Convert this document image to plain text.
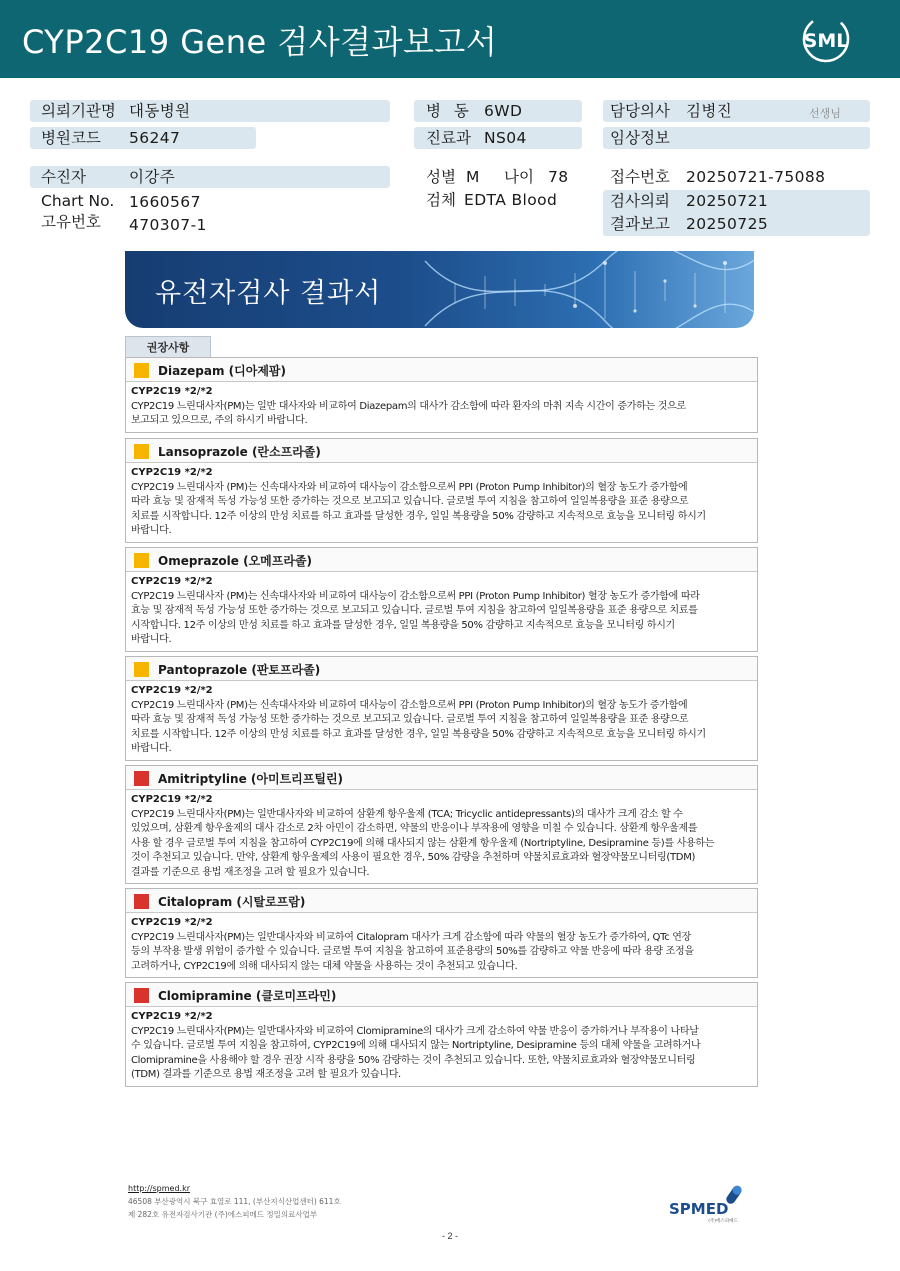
CYP2C19 Gene 검사결과보고서	SML
의뢰기관명 대동병원
병원코드 56247
병 동 6WD
진료과 NS04
담당의사 김병진	선생님
임상정보
수진자	이강주
Chart No. 1660567
고유번호 470307-1
성별 M 나이 78
검체 EDTA Blood
접수번호 20250721-75088
검사의뢰 20250721
결과보고 20250725
유전자검사 결과서
권장사항
Diazepam (디아제팜)
CYP2C19 *2/*2
CYP2C19 느린대사자(PM)는 일반 대사자와 비교하여 Diazepam의 대사가 감소함에 따라 환자의 마취 지속 시간이 증가하는 것으로
보고되고 있으므로, 주의 하시기 바랍니다.
Lansoprazole (란소프라졸)
CYP2C19 *2/*2
CYP2C19 느린대사자 (PM)는 신속대사자와 비교하여 대사능이 감소함으로써 PPI (Proton Pump Inhibitor)의 혈장 농도가 증가함에
따라 효능 및 잠재적 독성 가능성 또한 증가하는 것으로 보고되고 있습니다. 글로벌 투여 지침을 참고하여 일일복용량을 표준 용량으로
치료를 시작합니다. 12주 이상의 만성 치료를 하고 효과를 달성한 경우, 일일 복용량을 50% 감량하고 지속적으로 효능을 모니터링 하시기
바랍니다.
Omeprazole (오메프라졸)
CYP2C19 *2/*2
CYP2C19 느린대사자 (PM)는 신속대사자와 비교하여 대사능이 감소함으로써 PPI (Proton Pump Inhibitor) 혈장 농도가 증가함에 따라
효능 및 잠재적 독성 가능성 또한 증가하는 것으로 보고되고 있습니다. 글로벌 투여 지침을 참고하여 일일복용량을 표준 용량으로 치료를
시작합니다. 12주 이상의 만성 치료를 하고 효과를 달성한 경우, 일일 복용량을 50% 감량하고 지속적으로 효능을 모니터링 하시기
바랍니다.
Pantoprazole (판토프라졸)
CYP2C19 *2/*2
CYP2C19 느린대사자 (PM)는 신속대사자와 비교하여 대사능이 감소함으로써 PPI (Proton Pump Inhibitor)의 혈장 농도가 증가함에
따라 효능 및 잠재적 독성 가능성 또한 증가하는 것으로 보고되고 있습니다. 글로벌 투여 지침을 참고하여 일일복용량을 표준 용량으로
치료를 시작합니다. 12주 이상의 만성 치료를 하고 효과를 달성한 경우, 일일 복용량을 50% 감량하고 지속적으로 효능을 모니터링 하시기
바랍니다.
Amitriptyline (아미트리프틸린)
CYP2C19 *2/*2
CYP2C19 느린대사자(PM)는 일반대사자와 비교하여 삼환계 항우울제 (TCA; Tricyclic antidepressants)의 대사가 크게 감소 할 수
있었으며, 삼환계 항우울제의 대사 감소로 2차 아민이 감소하면, 약물의 반응이나 부작용에 영향을 미칠 수 있습니다. 삼환계 항우울제를
사용 할 경우 글로벌 투여 지침을 참고하여 CYP2C19에 의해 대사되지 않는 삼환계 항우울제 (Nortriptyline, Desipramine 등)를 사용하는
것이 추천되고 있습니다. 만약, 삼환계 항우울제의 사용이 필요한 경우, 50% 감량을 추천하며 약물치료효과와 혈장약물모니터링(TDM)
결과를 기준으로 용법 재조정을 고려 할 필요가 있습니다.
Citalopram (시탈로프람)
CYP2C19 *2/*2
CYP2C19 느린대사자(PM)는 일반대사자와 비교하여 Citalopram 대사가 크게 감소함에 따라 약물의 혈장 농도가 증가하여, QTc 연장
등의 부작용 발생 위험이 증가할 수 있습니다. 글로벌 투여 지침을 참고하여 표준용량의 50%를 감량하고 약물 반응에 따라 용량 조정을
고려하거나, CYP2C19에 의해 대사되지 않는 대체 약물을 사용하는 것이 추천되고 있습니다.
Clomipramine (클로미프라민)
CYP2C19 *2/*2
CYP2C19 느린대사자(PM)는 일반대사자와 비교하여 Clomipramine의 대사가 크게 감소하여 약물 반응이 증가하거나 부작용이 나타날
수 있습니다. 글로벌 투여 지침을 참고하여, CYP2C19에 의해 대사되지 않는 Nortriptyline, Desipramine 등의 대체 약물을 고려하거나
Clomipramine을 사용해야 할 경우 권장 시작 용량을 50% 감량하는 것이 추천되고 있습니다. 또한, 약물치료효과와 혈장약물모니터링
(TDM) 결과를 기준으로 용법 재조정을 고려 할 필요가 있습니다.
http://spmed.kr
46508 부산광역시 북구 효열로 111, (부산지식산업센터) 611호
제 282호 유전자검사기관 (주)에스피메드 정밀의료사업부	SPMED
(주)에스피메드
- 2 -
